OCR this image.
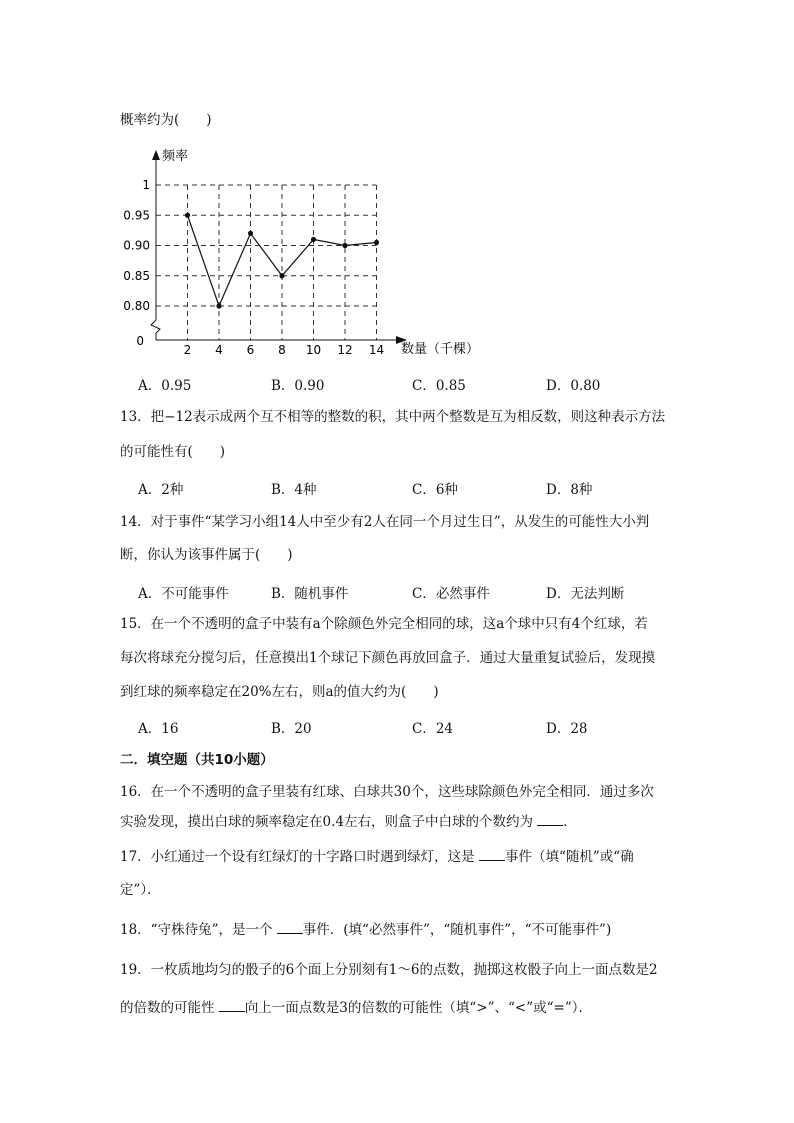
概率约为(　　)
频率
数量（千棵）
1
0.95
0.90
0.85
0.80
0
2 4 6 8 10 12 14
A．0.95	B．0.90	C．0.85	D．0.80
13．把−12表示成两个互不相等的整数的积，其中两个整数是互为相反数，则这种表示方法
的可能性有(　　)
A．2种	B．4种	C．6种	D．8种
14．对于事件“某学习小组14人中至少有2人在同一个月过生日”，从发生的可能性大小判
断，你认为该事件属于(　　)
A．不可能事件	B．随机事件	C．必然事件	D．无法判断
15．在一个不透明的盒子中装有a个除颜色外完全相同的球，这a个球中只有4个红球，若
每次将球充分搅匀后，任意摸出1个球记下颜色再放回盒子．通过大量重复试验后，发现摸
到红球的频率稳定在20%左右，则a的值大约为(　　)
A．16	B．20	C．24	D．28
二．填空题（共10小题）
16．在一个不透明的盒子里装有红球、白球共30个，这些球除颜色外完全相同．通过多次
实验发现，摸出白球的频率稳定在0.4左右，则盒子中白球的个数约为 ．
17．小红通过一个设有红绿灯的十字路口时遇到绿灯，这是 事件（填“随机”或“确
定”）．
18．“守株待兔”，是一个 事件．(填“必然事件”，“随机事件”，“不可能事件”)
19．一枚质地均匀的骰子的6个面上分别刻有1～6的点数，抛掷这枚骰子向上一面点数是2
的倍数的可能性 向上一面点数是3的倍数的可能性（填“>”、“<”或“=”）．
